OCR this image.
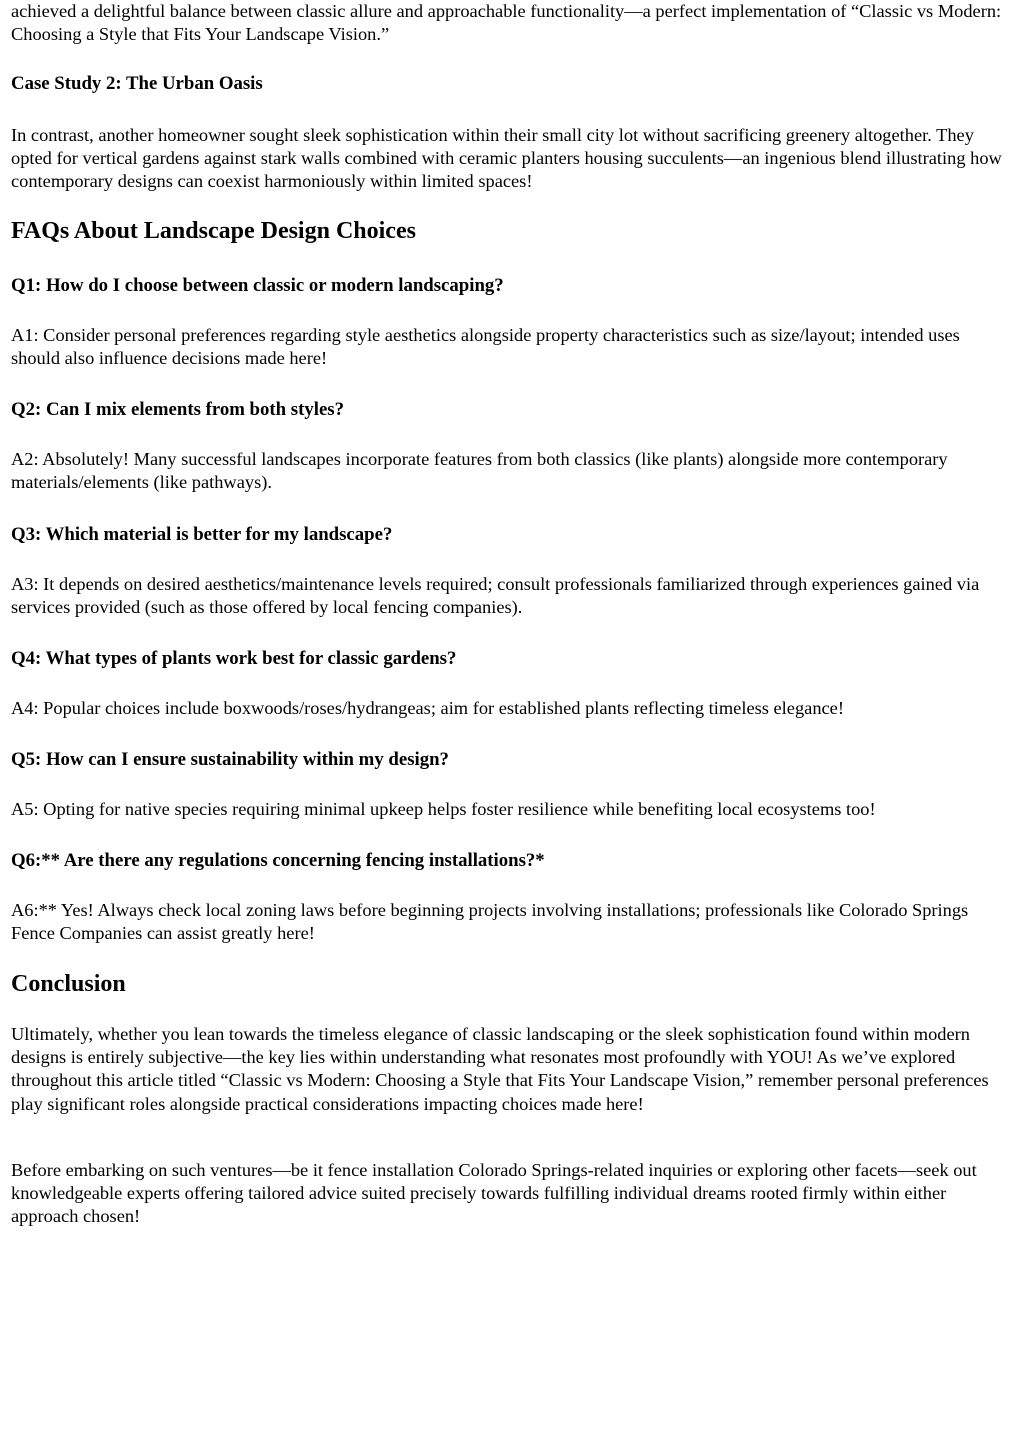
achieved a delightful balance between classic allure and approachable functionality—a perfect implementation of “Classic vs Modern: Choosing a Style that Fits Your Landscape Vision.”

Case Study 2: The Urban Oasis

In contrast, another homeowner sought sleek sophistication within their small city lot without sacrificing greenery altogether. They opted for vertical gardens against stark walls combined with ceramic planters housing succulents—an ingenious blend illustrating how contemporary designs can coexist harmoniously within limited spaces!

FAQs About Landscape Design Choices
Q1: How do I choose between classic or modern landscaping?

A1: Consider personal preferences regarding style aesthetics alongside property characteristics such as size/layout; intended uses should also influence decisions made here!

Q2: Can I mix elements from both styles?

A2: Absolutely! Many successful landscapes incorporate features from both classics (like plants) alongside more contemporary materials/elements (like pathways).

Q3: Which material is better for my landscape?

A3: It depends on desired aesthetics/maintenance levels required; consult professionals familiarized through experiences gained via services provided (such as those offered by local fencing companies).

Q4: What types of plants work best for classic gardens?

A4: Popular choices include boxwoods/roses/hydrangeas; aim for established plants reflecting timeless elegance!

Q5: How can I ensure sustainability within my design?

A5: Opting for native species requiring minimal upkeep helps foster resilience while benefiting local ecosystems too!

Q6:** Are there any regulations concerning fencing installations?*

A6:** Yes! Always check local zoning laws before beginning projects involving installations; professionals like Colorado Springs Fence Companies can assist greatly here!

Conclusion

Ultimately, whether you lean towards the timeless elegance of classic landscaping or the sleek sophistication found within modern designs is entirely subjective—the key lies within understanding what resonates most profoundly with YOU! As we’ve explored throughout this article titled “Classic vs Modern: Choosing a Style that Fits Your Landscape Vision,” remember personal preferences play significant roles alongside practical considerations impacting choices made here!

Before embarking on such ventures—be it fence installation Colorado Springs-related inquiries or exploring other facets—seek out knowledgeable experts offering tailored advice suited precisely towards fulfilling individual dreams rooted firmly within either approach chosen!
